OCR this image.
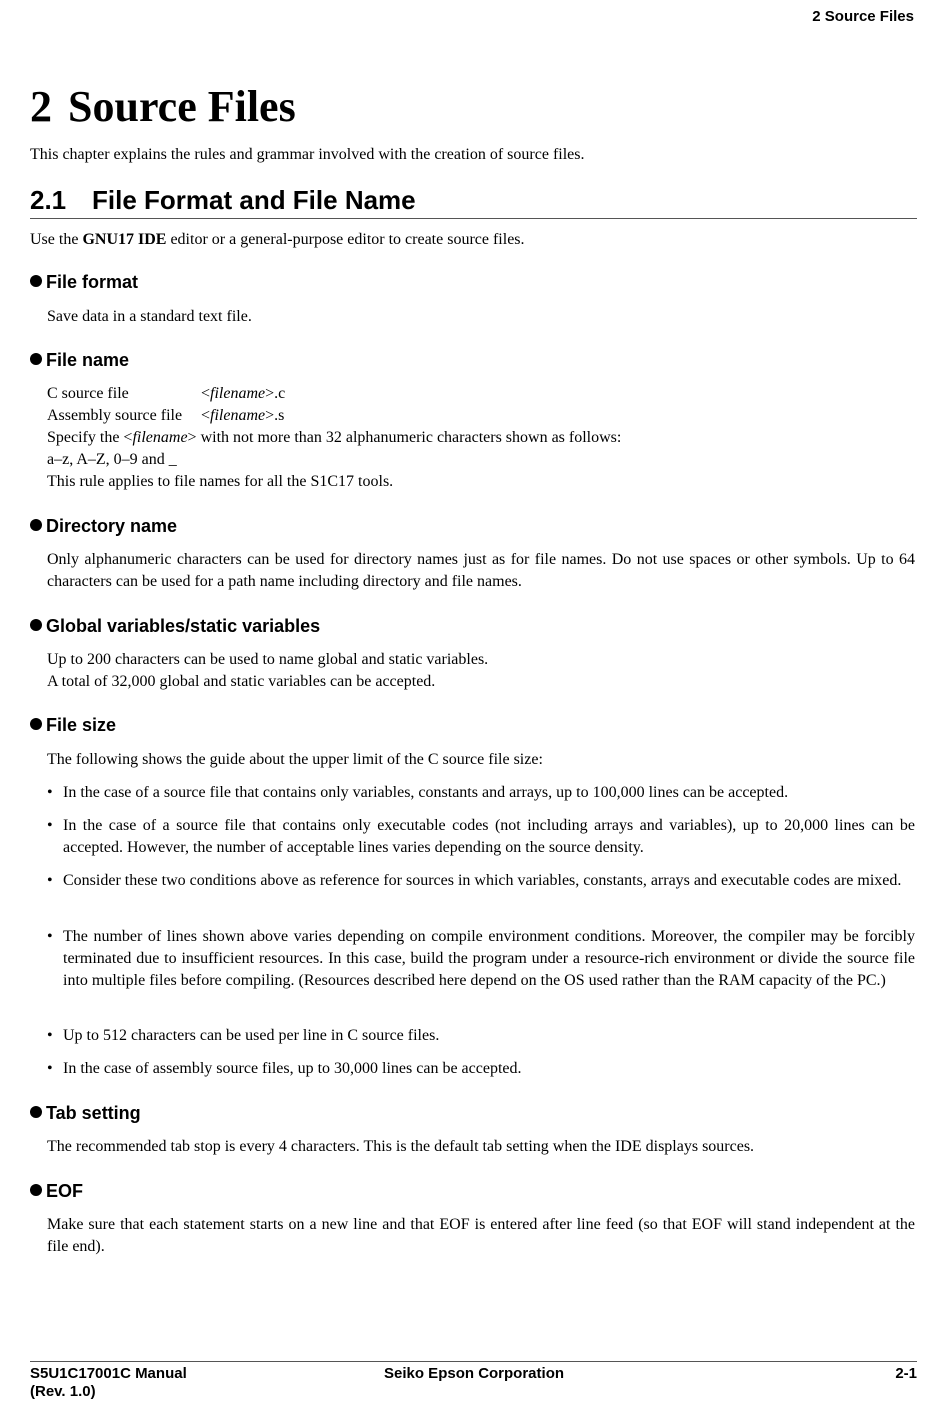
2 Source Files
2 Source Files

This chapter explains the rules and grammar involved with the creation of source files.

2.1 File Format and File Name

Use the GNU17 IDE editor or a general-purpose editor to create source files.

File format

Save data in a standard text file.

File name
C source file	<filename>.c
Assembly source file <filename>.s

Specify the <filename> with not more than 32 alphanumeric characters shown as follows:

a–z, A–Z, 0–9 and _

This rule applies to file names for all the S1C17 tools.

Directory name

Only alphanumeric characters can be used for directory names just as for file names. Do not use spaces or other symbols. Up to 64 characters can be used for a path name including directory and file names.

Global variables/static variables

Up to 200 characters can be used to name global and static variables.

A total of 32,000 global and static variables can be accepted.

File size

The following shows the guide about the upper limit of the C source file size:

• In the case of a source file that contains only variables, constants and arrays, up to 100,000 lines can be accepted.
• In the case of a source file that contains only executable codes (not including arrays and variables), up to 20,000 lines can be accepted. However, the number of acceptable lines varies depending on the source density.
• Consider these two conditions above as reference for sources in which variables, constants, arrays and executable codes are mixed.
• The number of lines shown above varies depending on compile environment conditions. Moreover, the compiler may be forcibly terminated due to insufficient resources. In this case, build the program under a resource-rich environment or divide the source file into multiple files before compiling. (Resources described here depend on the OS used rather than the RAM capacity of the PC.)
• Up to 512 characters can be used per line in C source files.
• In the case of assembly source files, up to 30,000 lines can be accepted.
Tab setting

The recommended tab stop is every 4 characters. This is the default tab setting when the IDE displays sources.

EOF

Make sure that each statement starts on a new line and that EOF is entered after line feed (so that EOF will stand independent at the file end).

S5U1C17001C Manual
(Rev. 1.0)
Seiko Epson Corporation	2-1
